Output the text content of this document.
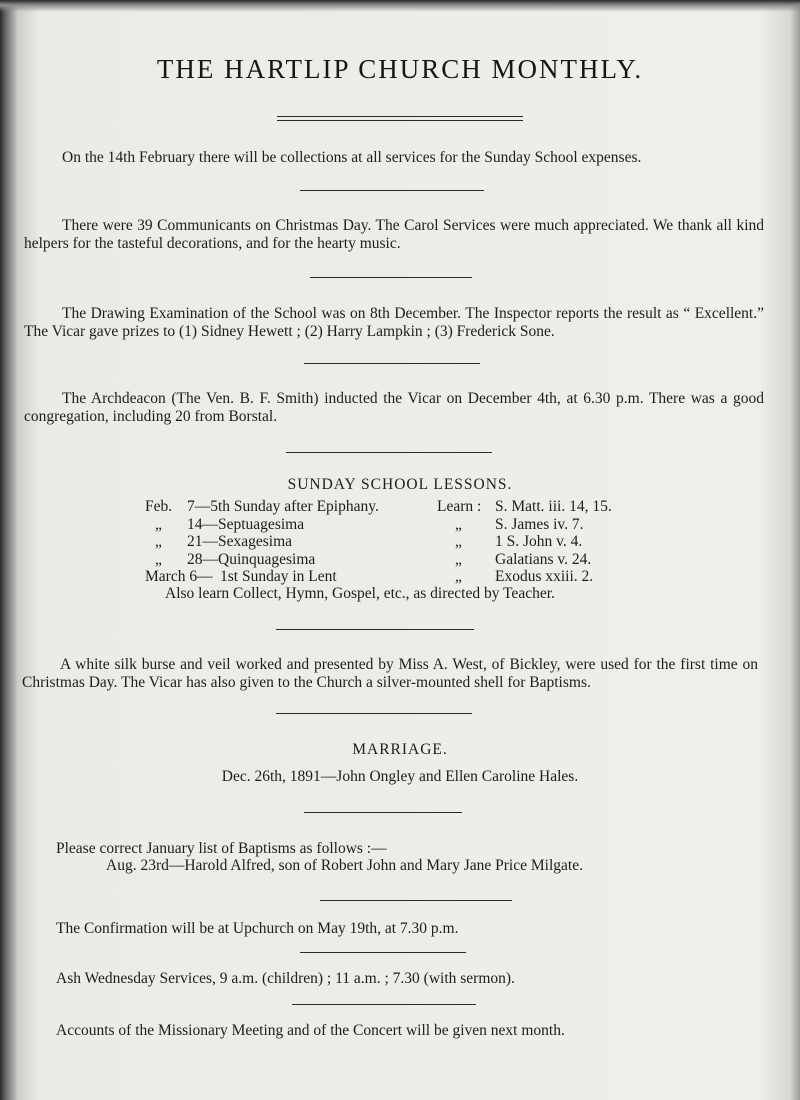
THE HARTLIP CHURCH MONTHLY.
On the 14th February there will be collections at all services for the Sunday School expenses.
There were 39 Communicants on Christmas Day. The Carol Services were much appreciated. We thank all kind helpers for the tasteful decorations, and for the hearty music.
The Drawing Examination of the School was on 8th December. The Inspector reports the result as “ Excellent.” The Vicar gave prizes to (1) Sidney Hewett ; (2) Harry Lampkin ; (3) Frederick Sone.
The Archdeacon (The Ven. B. F. Smith) inducted the Vicar on December 4th, at 6.30 p.m. There was a good congregation, including 20 from Borstal.
SUNDAY SCHOOL LESSONS.
Feb. 7—5th Sunday after Epiphany.	Learn : S. Matt. iii. 14, 15.
„ 14—Septuagesima	„ S. James iv. 7.
„ 21—Sexagesima	„ 1 S. John v. 4.
„ 28—Quinquagesima	„ Galatians v. 24.
March 6— 1st Sunday in Lent	„ Exodus xxiii. 2.
Also learn Collect, Hymn, Gospel, etc., as directed by Teacher.
A white silk burse and veil worked and presented by Miss A. West, of Bickley, were used for the first time on Christmas Day. The Vicar has also given to the Church a silver-mounted shell for Baptisms.
MARRIAGE.
Dec. 26th, 1891—John Ongley and Ellen Caroline Hales.
Please correct January list of Baptisms as follows :—
Aug. 23rd—Harold Alfred, son of Robert John and Mary Jane Price Milgate.
The Confirmation will be at Upchurch on May 19th, at 7.30 p.m.
Ash Wednesday Services, 9 a.m. (children) ; 11 a.m. ; 7.30 (with sermon).
Accounts of the Missionary Meeting and of the Concert will be given next month.
